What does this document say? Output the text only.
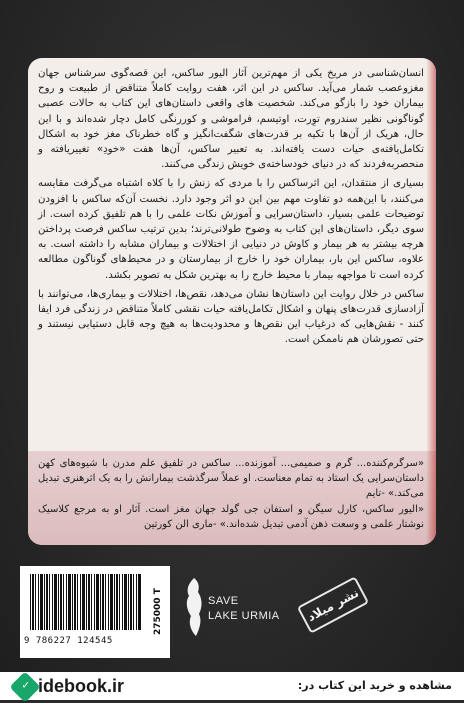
انسان‌شناسی در مریخ یکی از مهم‌ترین آثار الیور ساکس، این قصه‌گوی سرشناس جهان مغزوعصب شمار می‌آید. ساکس در این اثر، هفت روایت کاملاً متناقض از طبیعت و روح بیماران خود را بازگو می‌کند. شخصیت های واقعی داستان‌های این کتاب به حالات عصبی گوناگونی نظیر سندروم توِرت، اوتیسم، فراموشی و کوررنگی کامل دچار شده‌اند و با این حال، هریک از آن‌ها با تکیه بر قدرت‌های شگفت‌انگیز و گاه خطرناک مغز خود به اشکال تکامل‌یافته‌ی حیات دست یافته‌اند. به تعبیر ساکس، آن‌ها هفت «خودِ» تغییریافته و منحصربه‌فردند که در دنیای خودساخته‌ی خویش زندگی می‌کنند.

بسیاری از منتقدان، این اثرساکس را با مردی که زنش را با کلاه اشتباه می‌گرفت مقایسه می‌کنند، با این‌همه دو تفاوت مهم بین این دو اثر وجود دارد. نخست آن‌که ساکس با افزودن توضیحات علمی بسیار، داستان‌سرایی و آموزش نکات علمی را با هم تلفیق کرده است. از سوی دیگر، داستان‌های این کتاب به وضوح طولانی‌ترند؛ بدین ترتیب ساکس فرصت پرداختن هرچه بیشتر به هر بیمار و کاوش در دنیایی از اختلالات و بیماران مشابه را داشته است. به علاوه، ساکس این بار، بیماران خود را خارج از بیمارستان و در محیط‌های گوناگون مطالعه کرده است تا مواجهه بیمار با محیط خارج را به بهترین شکل به تصویر بکشد.

ساکس در خلال روایت این داستان‌ها نشان می‌دهد، نقص‌ها، اختلالات و بیماری‌ها، می‌توانند با آزادسازی قدرت‌های پنهان و اشکال تکامل‌یافته حیات نقشی کاملاً متناقض در زندگی فرد ایفا کنند - نقش‌هایی که درغیاب این نقص‌ها و محدودیت‌ها به هیچ وجه قابل دستیابی نیستند و حتی تصورشان هم ناممکن است.

«سرگرم‌کننده... گرم و صمیمی... آموزنده... ساکس در تلفیق علم مدرن با شیوه‌های کهن داستان‌سرایی یک استاد به تمام معناست. او عملاً سرگذشت بیمارانش را به یک اثرهنری تبدیل می‌کند.» -تایم

«الیور ساکس، کارل سیگن و استفان جی گولد جهان مغز است. آثار او به مرجع کلاسیک نوشتار علمی و وسعت ذهن آدمی تبدیل شده‌اند.» -ماری الن کورتین

9 786227 124545
275000 T	SAVE
LAKE URMIA	نشر میلاد
✓ idebook.ir	مشاهده و خرید این کتاب در:
